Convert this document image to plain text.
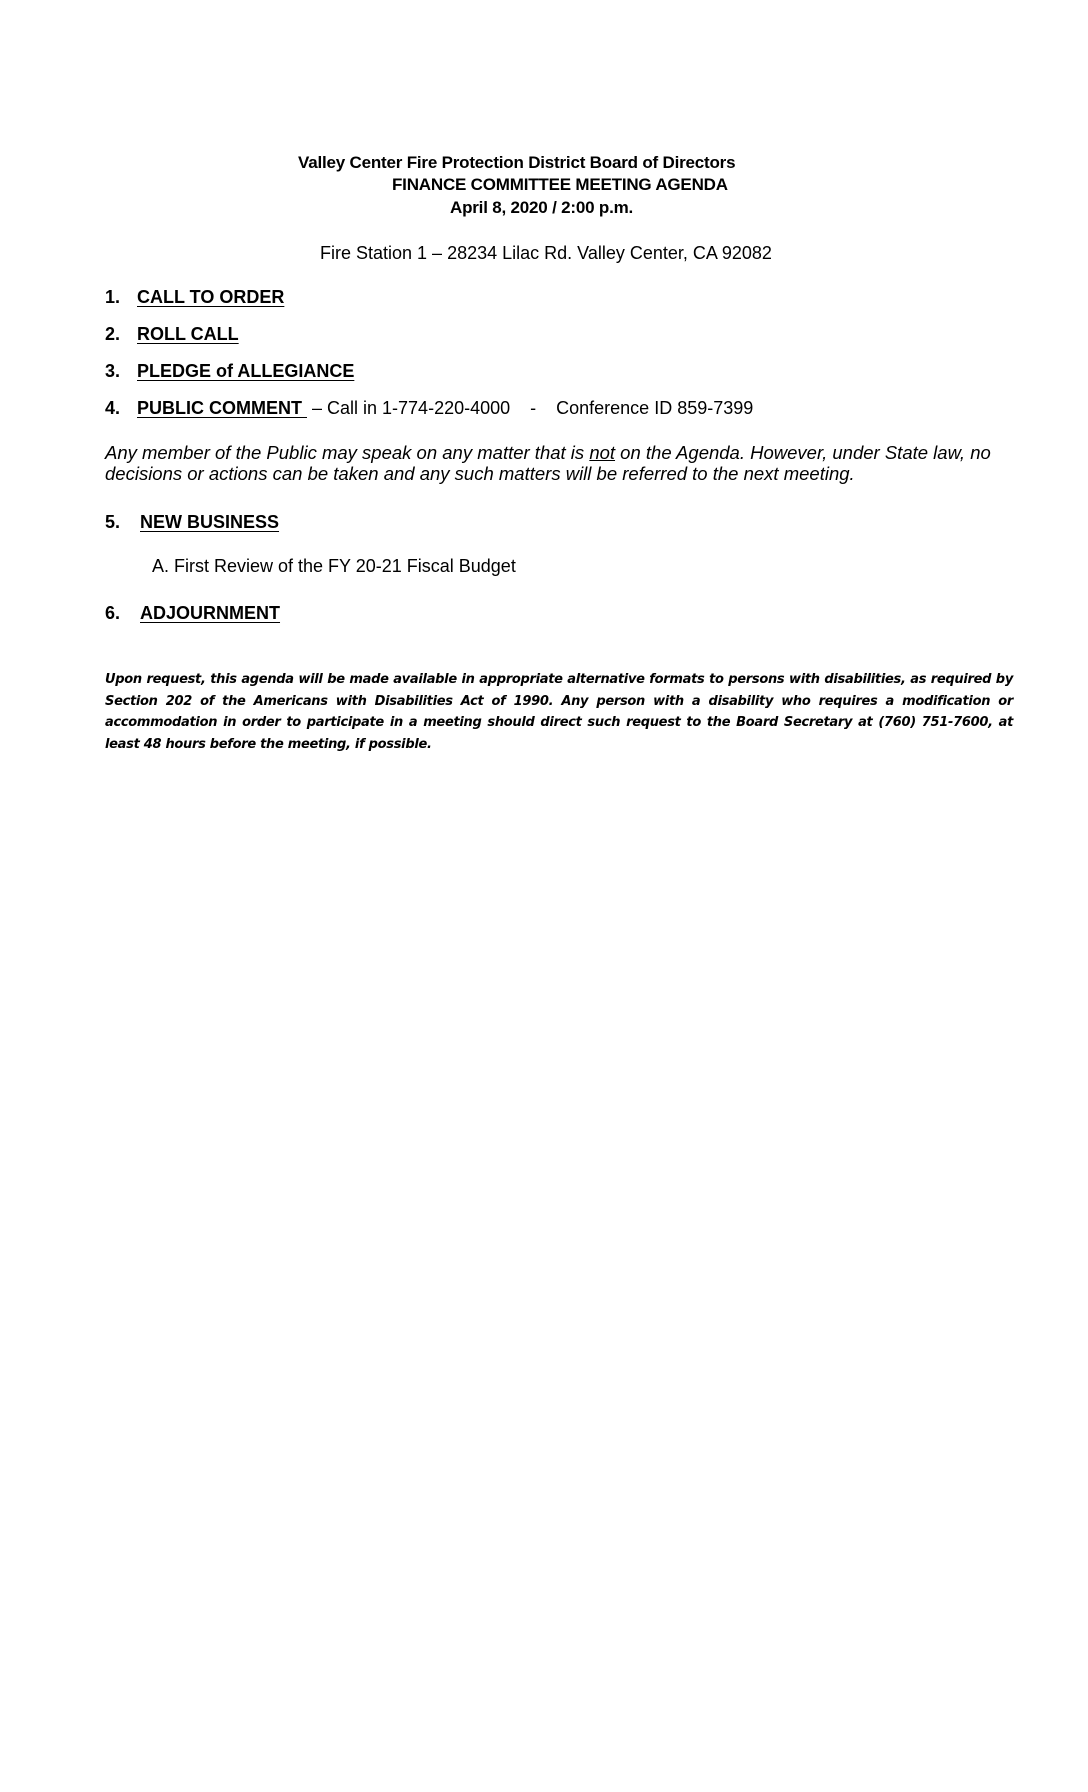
Valley Center Fire Protection District Board of Directors
FINANCE COMMITTEE MEETING AGENDA
April 8, 2020 / 2:00 p.m.
Fire Station 1 – 28234 Lilac Rd. Valley Center, CA 92082
1. CALL TO ORDER
2. ROLL CALL
3. PLEDGE of ALLEGIANCE
4. PUBLIC COMMENT  – Call in 1-774-220-4000    -    Conference ID 859-7399
Any member of the Public may speak on any matter that is not on the Agenda. However, under State law, no decisions or actions can be taken and any such matters will be referred to the next meeting.
5. NEW BUSINESS
A. First Review of the FY 20-21 Fiscal Budget
6. ADJOURNMENT
Upon request, this agenda will be made available in appropriate alternative formats to persons with disabilities, as required by Section 202 of the Americans with Disabilities Act of 1990. Any person with a disability who requires a modification or accommodation in order to participate in a meeting should direct such request to the Board Secretary at (760) 751-7600, at least 48 hours before the meeting, if possible.
